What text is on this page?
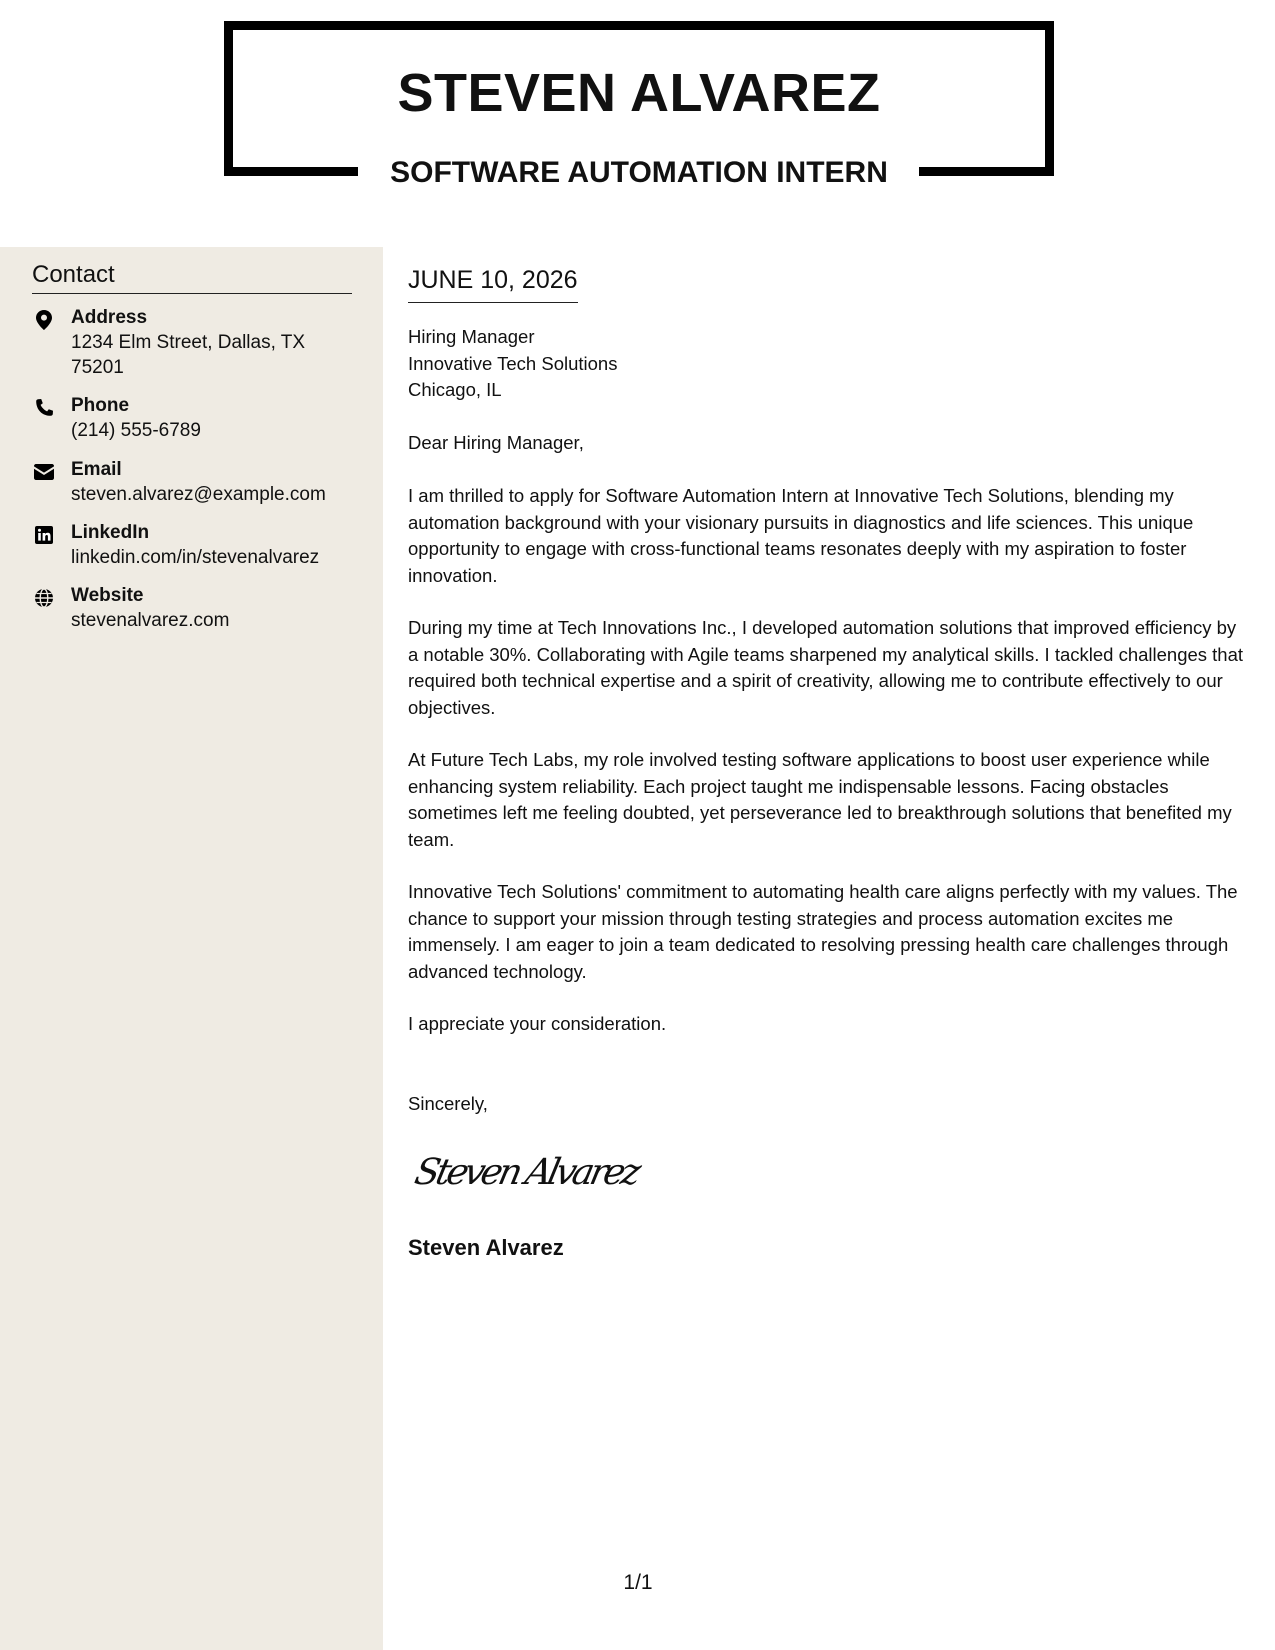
STEVEN ALVAREZ
SOFTWARE AUTOMATION INTERN
Contact
Address
1234 Elm Street, Dallas, TX 75201
Phone
(214) 555-6789
Email
steven.alvarez@example.com
LinkedIn
linkedin.com/in/stevenalvarez
Website
stevenalvarez.com
JUNE 10, 2026
Hiring Manager
Innovative Tech Solutions
Chicago, IL

Dear Hiring Manager,

I am thrilled to apply for Software Automation Intern at Innovative Tech Solutions, blending my automation background with your visionary pursuits in diagnostics and life sciences. This unique opportunity to engage with cross-functional teams resonates deeply with my aspiration to foster innovation.

During my time at Tech Innovations Inc., I developed automation solutions that improved efficiency by a notable 30%. Collaborating with Agile teams sharpened my analytical skills. I tackled challenges that required both technical expertise and a spirit of creativity, allowing me to contribute effectively to our objectives.

At Future Tech Labs, my role involved testing software applications to boost user experience while enhancing system reliability. Each project taught me indispensable lessons. Facing obstacles sometimes left me feeling doubted, yet perseverance led to breakthrough solutions that benefited my team.

Innovative Tech Solutions' commitment to automating health care aligns perfectly with my values. The chance to support your mission through testing strategies and process automation excites me immensely. I am eager to join a team dedicated to resolving pressing health care challenges through advanced technology.

I appreciate your consideration.

Sincerely,

Steven Alvarez
Steven Alvarez
1/1
